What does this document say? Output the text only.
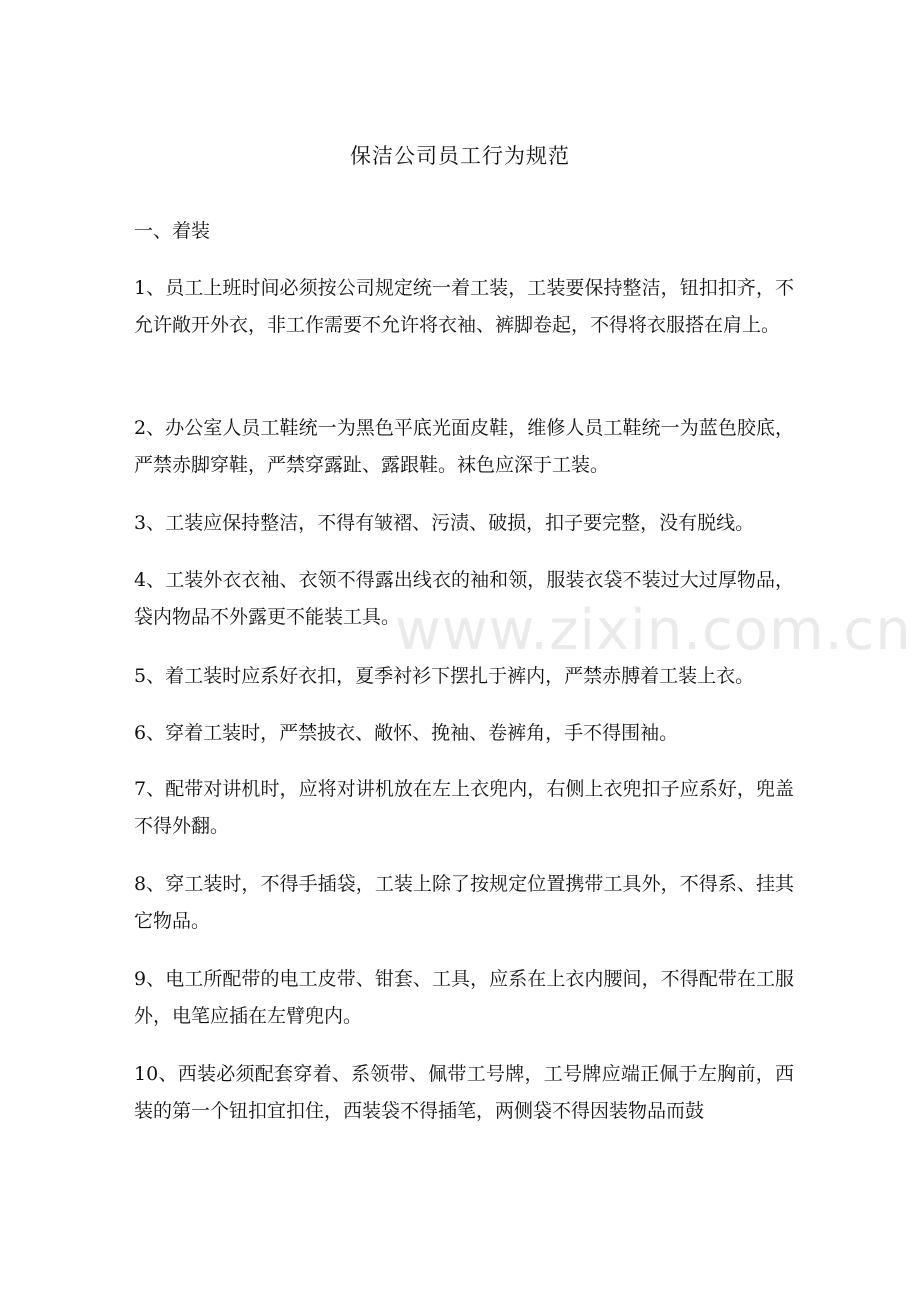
保洁公司员工行为规范
一、着装
1、员工上班时间必须按公司规定统一着工装，工装要保持整洁，钮扣扣齐，不允许敞开外衣，非工作需要不允许将衣袖、裤脚卷起，不得将衣服搭在肩上。
2、办公室人员工鞋统一为黑色平底光面皮鞋，维修人员工鞋统一为蓝色胶底，严禁赤脚穿鞋，严禁穿露趾、露跟鞋。袜色应深于工装。
3、工装应保持整洁，不得有皱褶、污渍、破损，扣子要完整，没有脱线。
4、工装外衣衣袖、衣领不得露出线衣的袖和领，服装衣袋不装过大过厚物品，袋内物品不外露更不能装工具。
5、着工装时应系好衣扣，夏季衬衫下摆扎于裤内，严禁赤膊着工装上衣。
6、穿着工装时，严禁披衣、敞怀、挽袖、卷裤角，手不得围袖。
7、配带对讲机时，应将对讲机放在左上衣兜内，右侧上衣兜扣子应系好，兜盖不得外翻。
8、穿工装时，不得手插袋，工装上除了按规定位置携带工具外，不得系、挂其它物品。
9、电工所配带的电工皮带、钳套、工具，应系在上衣内腰间，不得配带在工服外，电笔应插在左臂兜内。
10、西装必须配套穿着、系领带、佩带工号牌，工号牌应端正佩于左胸前，西装的第一个钮扣宜扣住，西装袋不得插笔，两侧袋不得因装物品而鼓
www.zixin.com.cn
